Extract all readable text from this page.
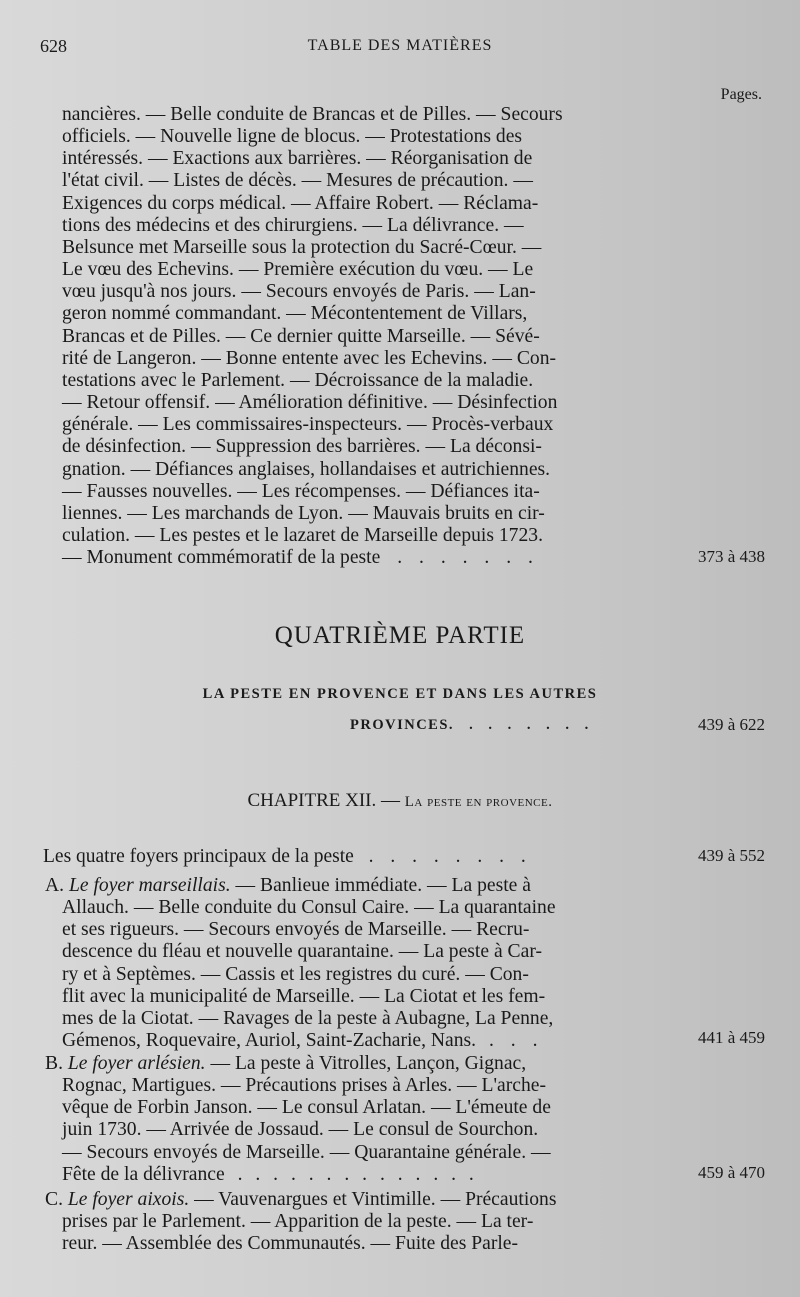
628	TABLE DES MATIÈRES
Pages.
nancières. — Belle conduite de Brancas et de Pilles. — Secours
officiels. — Nouvelle ligne de blocus. — Protestations des
intéressés. — Exactions aux barrières. — Réorganisation de
l'état civil. — Listes de décès. — Mesures de précaution. —
Exigences du corps médical. — Affaire Robert. — Réclama-
tions des médecins et des chirurgiens. — La délivrance. —
Belsunce met Marseille sous la protection du Sacré-Cœur. —
Le vœu des Echevins. — Première exécution du vœu. — Le
vœu jusqu'à nos jours. — Secours envoyés de Paris. — Lan-
geron nommé commandant. — Mécontentement de Villars,
Brancas et de Pilles. — Ce dernier quitte Marseille. — Sévé-
rité de Langeron. — Bonne entente avec les Echevins. — Con-
testations avec le Parlement. — Décroissance de la maladie.
— Retour offensif. — Amélioration définitive. — Désinfection
générale. — Les commissaires-inspecteurs. — Procès-verbaux
de désinfection. — Suppression des barrières. — La déconsi-
gnation. — Défiances anglaises, hollandaises et autrichiennes.
— Fausses nouvelles. — Les récompenses. — Défiances ita-
liennes. — Les marchands de Lyon. — Mauvais bruits en cir-
culation. — Les pestes et le lazaret de Marseille depuis 1723.
— Monument commémoratif de la peste . . . . . . .	373 à 438
QUATRIÈME PARTIE
LA PESTE EN PROVENCE ET DANS LES AUTRES
PROVINCES. . . . . . . .	439 à 622
CHAPITRE XII. — La peste en provence.
Les quatre foyers principaux de la peste . . . . . . . .	439 à 552
A. Le foyer marseillais. — Banlieue immédiate. — La peste à
Allauch. — Belle conduite du Consul Caire. — La quarantaine
et ses rigueurs. — Secours envoyés de Marseille. — Recru-
descence du fléau et nouvelle quarantaine. — La peste à Car-
ry et à Septèmes. — Cassis et les registres du curé. — Con-
flit avec la municipalité de Marseille. — La Ciotat et les fem-
mes de la Ciotat. — Ravages de la peste à Aubagne, La Penne,
Gémenos, Roquevaire, Auriol, Saint-Zacharie, Nans. . . .	441 à 459
B. Le foyer arlésien. — La peste à Vitrolles, Lançon, Gignac,
Rognac, Martigues. — Précautions prises à Arles. — L'arche-
vêque de Forbin Janson. — Le consul Arlatan. — L'émeute de
juin 1730. — Arrivée de Jossaud. — Le consul de Sourchon.
— Secours envoyés de Marseille. — Quarantaine générale. —
Fête de la délivrance . . . . . . . . . . . . . .	459 à 470
C. Le foyer aixois. — Vauvenargues et Vintimille. — Précautions
prises par le Parlement. — Apparition de la peste. — La ter-
reur. — Assemblée des Communautés. — Fuite des Parle-
